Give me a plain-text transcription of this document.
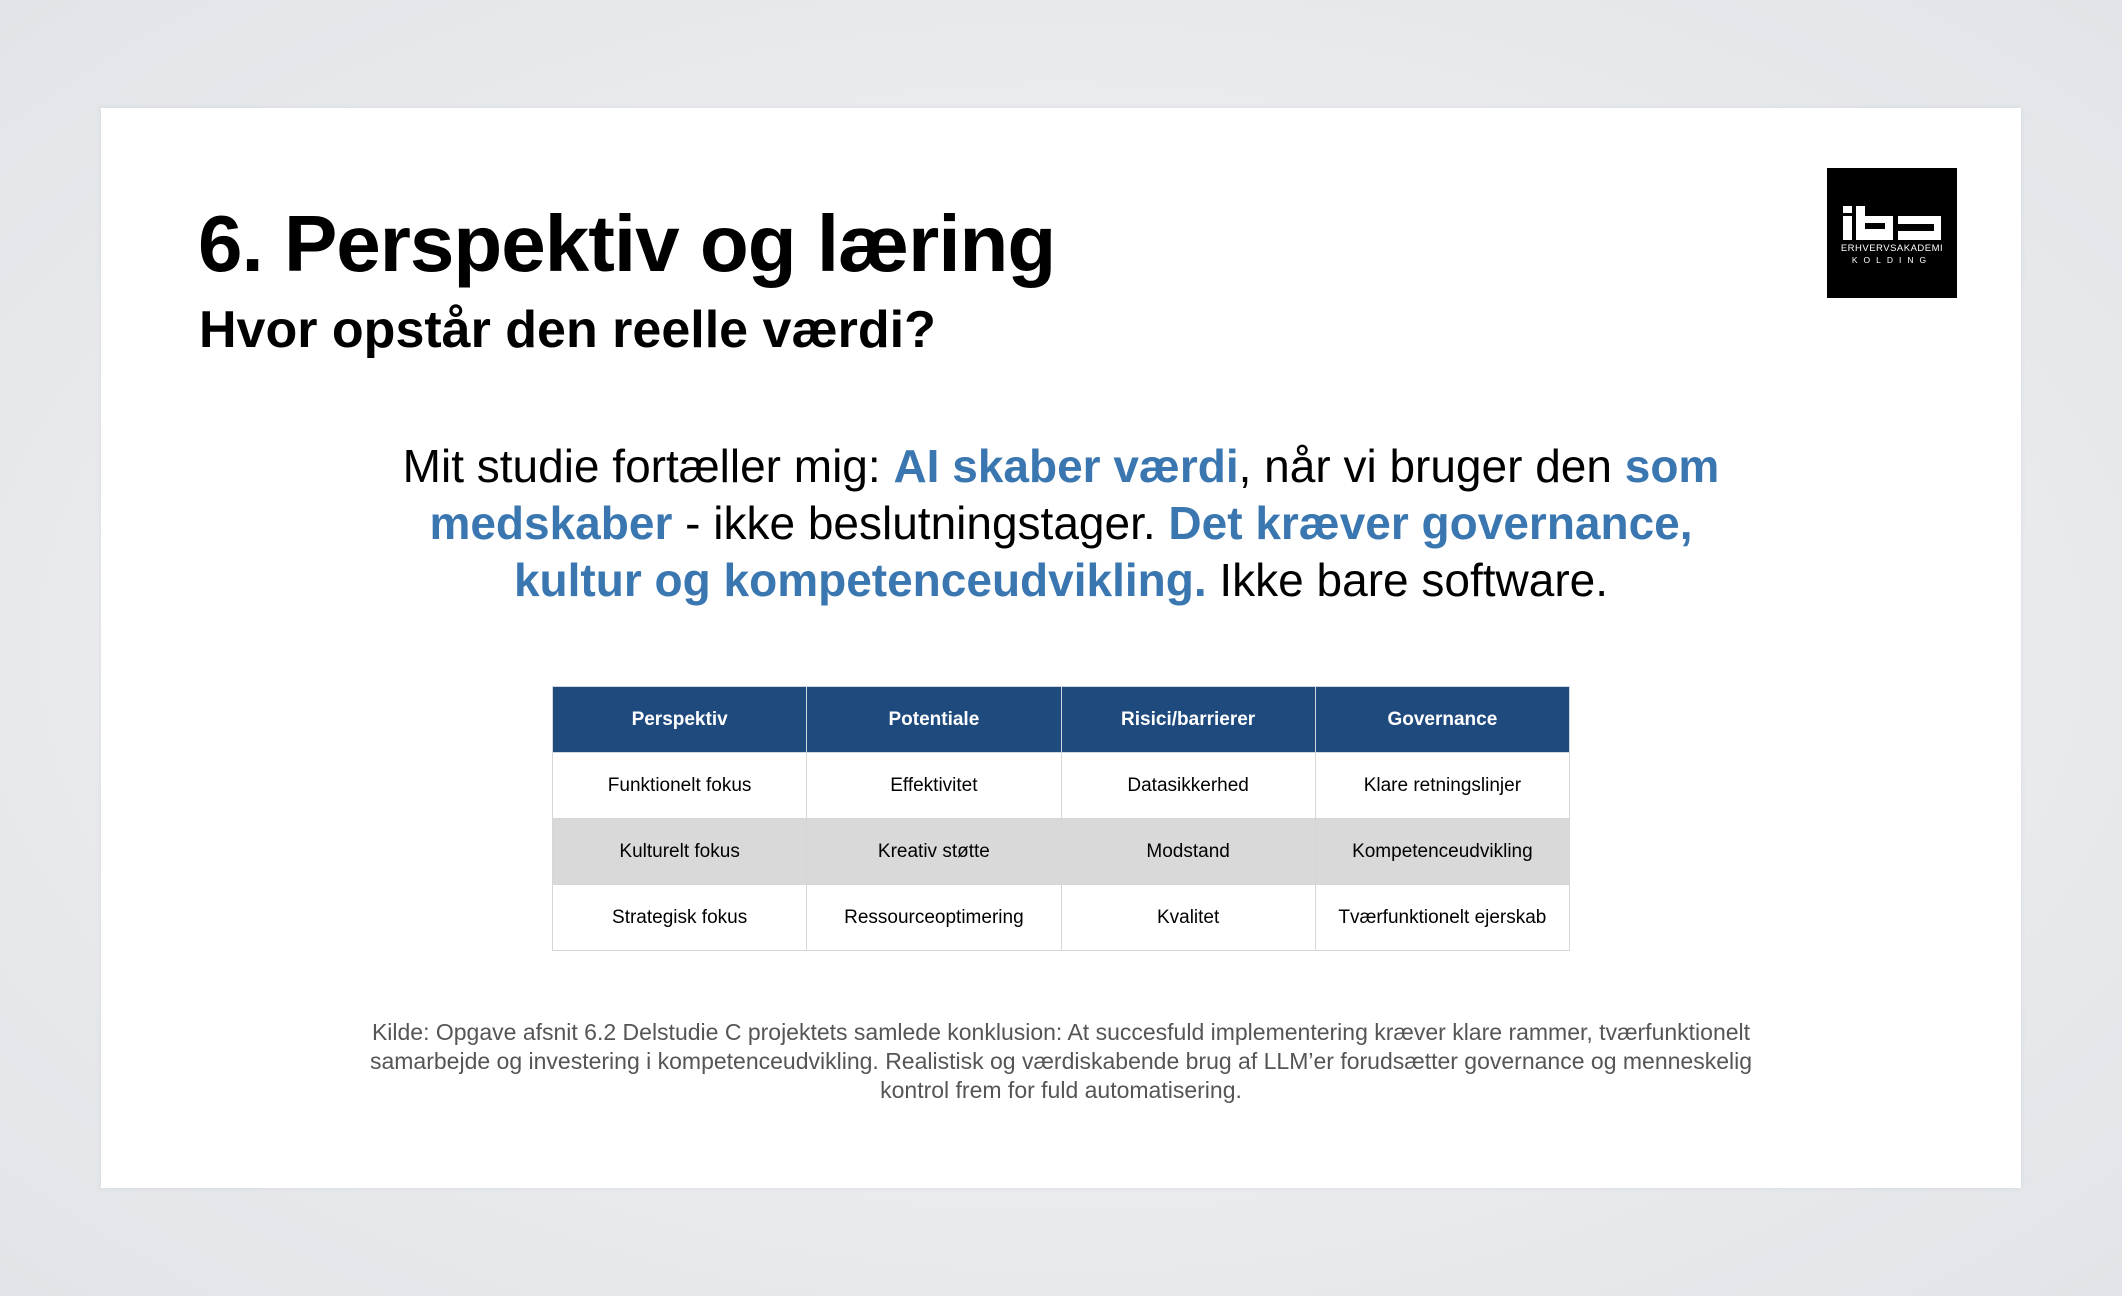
6. Perspektiv og læring
Hvor opstår den reelle værdi?
ERHVERVSAKADEMI
KOLDING

Mit studie fortæller mig: AI skaber værdi, når vi bruger den som medskaber - ikke beslutningstager. Det kræver governance, kultur og kompetenceudvikling. Ikke bare software.

Perspektiv	Potentiale	Risici/barrierer	Governance
Funktionelt fokus	Effektivitet	Datasikkerhed	Klare retningslinjer
Kulturelt fokus	Kreativ støtte	Modstand	Kompetenceudvikling
Strategisk fokus	Ressourceoptimering	Kvalitet	Tværfunktionelt ejerskab

Kilde: Opgave afsnit 6.2 Delstudie C projektets samlede konklusion: At succesfuld implementering kræver klare rammer, tværfunktionelt samarbejde og investering i kompetenceudvikling. Realistisk og værdiskabende brug af LLM’er forudsætter governance og menneskelig kontrol frem for fuld automatisering.
